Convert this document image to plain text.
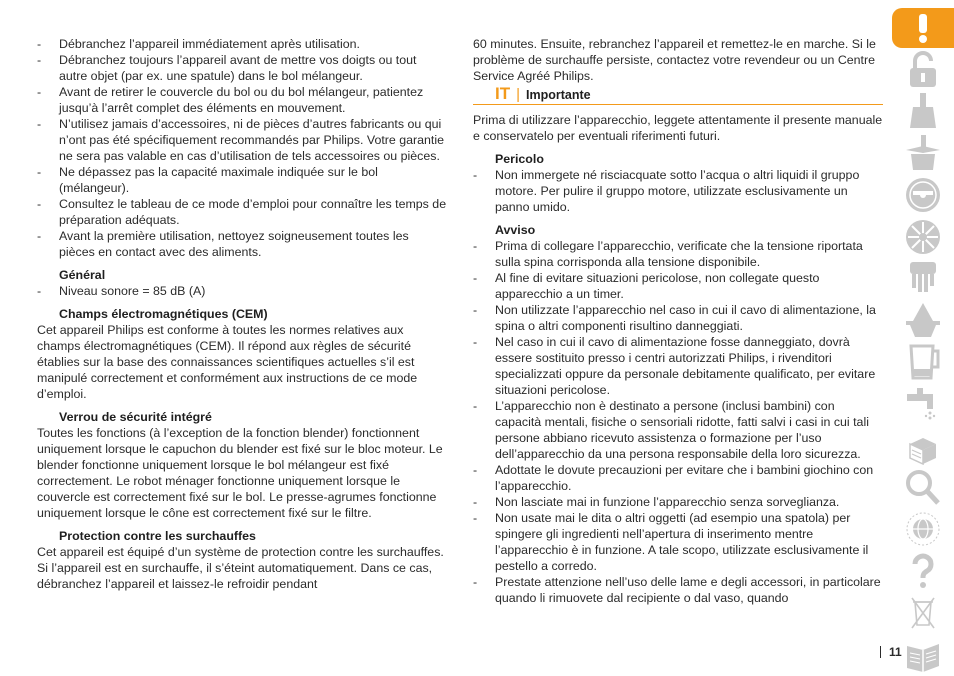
-	Débranchez l’appareil immédiatement après utilisation.
-	Débranchez toujours l’appareil avant de mettre vos doigts ou tout autre objet (par ex. une spatule) dans le bol mélangeur.
-	Avant de retirer le couvercle du bol ou du bol mélangeur, patientez jusqu’à l’arrêt complet des éléments en mouvement.
-	N’utilisez jamais d’accessoires, ni de pièces d’autres fabricants ou qui n’ont pas été spécifiquement recommandés par Philips. Votre garantie ne sera pas valable en cas d’utilisation de tels accessoires ou pièces.
-	Ne dépassez pas la capacité maximale indiquée sur le bol (mélangeur).
-	Consultez le tableau de ce mode d’emploi pour connaître les temps de préparation adéquats.
-	Avant la première utilisation, nettoyez soigneusement toutes les pièces en contact avec des aliments.

Général

-	Niveau sonore = 85 dB (A)

Champs électromagnétiques (CEM)

Cet appareil Philips est conforme à toutes les normes relatives aux champs électromagnétiques (CEM). Il répond aux règles de sécurité établies sur la base des connaissances scientifiques actuelles s’il est manipulé correctement et conformément aux instructions de ce mode d’emploi.

Verrou de sécurité intégré

Toutes les fonctions (à l’exception de la fonction blender) fonctionnent uniquement lorsque le capuchon du blender est fixé sur le bloc moteur. Le blender fonctionne uniquement lorsque le bol mélangeur est fixé correctement. Le robot ménager fonctionne uniquement lorsque le couvercle est correctement fixé sur le bol. Le presse-agrumes fonctionne uniquement lorsque le cône est correctement fixé sur le filtre.

Protection contre les surchauffes

Cet appareil est équipé d’un système de protection contre les surchauffes. Si l’appareil est en surchauffe, il s’éteint automatiquement. Dans ce cas, débranchez l’appareil et laissez-le refroidir pendant

60 minutes. Ensuite, rebranchez l’appareil et remettez-le en marche. Si le problème de surchauffe persiste, contactez votre revendeur ou un Centre Service Agréé Philips.

IT | Importante

Prima di utilizzare l’apparecchio, leggete attentamente il presente manuale e conservatelo per eventuali riferimenti futuri.

Pericolo

-	Non immergete né risciacquate sotto l’acqua o altri liquidi il gruppo motore. Per pulire il gruppo motore, utilizzate esclusivamente un panno umido.

Avviso

-	Prima di collegare l’apparecchio, verificate che la tensione riportata sulla spina corrisponda alla tensione disponibile.
-	Al fine di evitare situazioni pericolose, non collegate questo apparecchio a un timer.
-	Non utilizzate l’apparecchio nel caso in cui il cavo di alimentazione, la spina o altri componenti risultino danneggiati.
-	Nel caso in cui il cavo di alimentazione fosse danneggiato, dovrà essere sostituito presso i centri autorizzati Philips, i rivenditori specializzati oppure da personale debitamente qualificato, per evitare situazioni pericolose.
-	L’apparecchio non è destinato a persone (inclusi bambini) con capacità mentali, fisiche o sensoriali ridotte, fatti salvi i casi in cui tali persone abbiano ricevuto assistenza o formazione per l’uso dell’apparecchio da una persona responsabile della loro sicurezza.
-	Adottate le dovute precauzioni per evitare che i bambini giochino con l’apparecchio.
-	Non lasciate mai in funzione l’apparecchio senza sorveglianza.
-	Non usate mai le dita o altri oggetti (ad esempio una spatola) per spingere gli ingredienti nell’apertura di inserimento mentre l’apparecchio è in funzione. A tale scopo, utilizzate esclusivamente il pestello a corredo.
-	Prestate attenzione nell’uso delle lame e degli accessori, in particolare quando li rimuovete dal recipiente o dal vaso, quando
11
